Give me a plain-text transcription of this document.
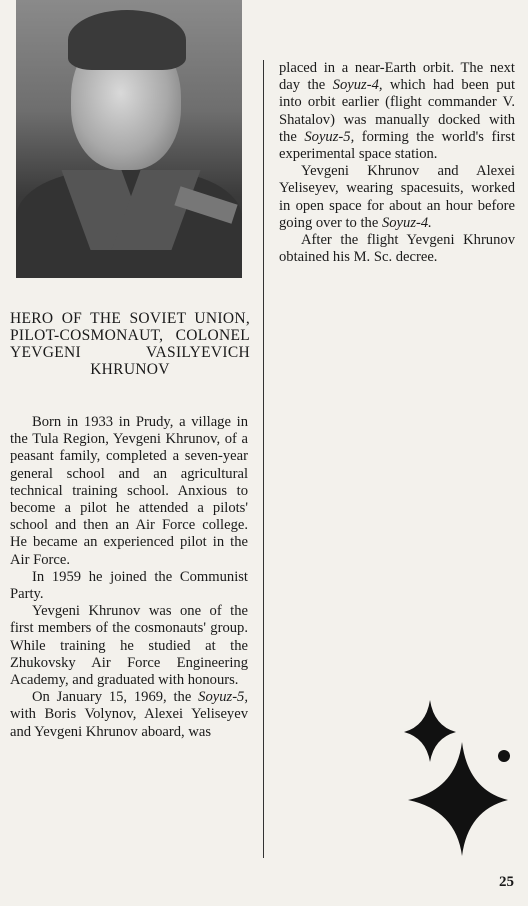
HERO OF THE SOVIET UNION, PILOT-COSMONAUT, COLONEL YEVGENI VASILYEVICH KHRUNOV

Born in 1933 in Prudy, a village in the Tula Region, Yevgeni Khrunov, of a peasant family, completed a seven-year general school and an agricultural technical training school. Anxious to become a pilot he attended a pilots' school and then an Air Force college. He became an experienced pilot in the Air Force.

In 1959 he joined the Communist Party.

Yevgeni Khrunov was one of the first members of the cosmonauts' group. While training he studied at the Zhukovsky Air Force Engineering Academy, and graduated with honours.

On January 15, 1969, the Soyuz-5, with Boris Volynov, Alexei Yeliseyev and Yevgeni Khrunov aboard, was

placed in a near-Earth orbit. The next day the Soyuz-4, which had been put into orbit earlier (flight commander V. Shatalov) was manually docked with the Soyuz-5, forming the world's first experimental space station.

Yevgeni Khrunov and Alexei Yeliseyev, wearing spacesuits, worked in open space for about an hour before going over to the Soyuz-4.

After the flight Yevgeni Khrunov obtained his M. Sc. decree.

25
